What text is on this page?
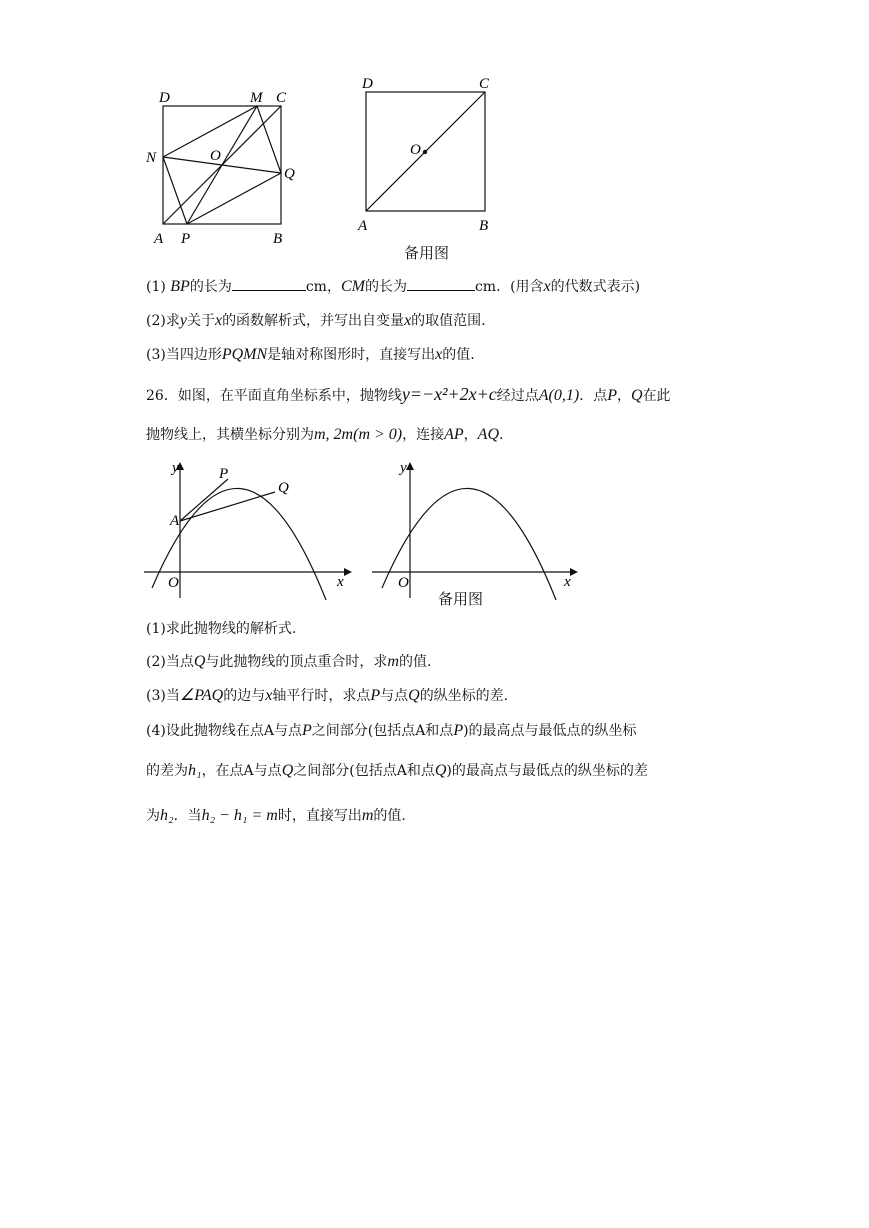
D	M C
N	O
Q
A P	B
D	C
O
A	B
备用图
(1) BP的长为	cm，CM的长为	cm．(用含x的代数式表示)
(2)求y关于x的函数解析式，并写出自变量x的取值范围.
(3)当四边形PQMN是轴对称图形时，直接写出x的值.
26．如图，在平面直角坐标系中，抛物线y=−x²+2x+c经过点A(0,1)．点P，Q在此
抛物线上，其横坐标分别为m, 2m(m > 0)，连接AP，AQ.
y	P
Q
A
O	x
y
O	x
备用图
(1)求此抛物线的解析式.
(2)当点Q与此抛物线的顶点重合时，求m的值.
(3)当∠PAQ的边与x轴平行时，求点P与点Q的纵坐标的差.
(4)设此抛物线在点A与点P之间部分(包括点A和点P)的最高点与最低点的纵坐标
的差为h₁，在点A与点Q之间部分(包括点A和点Q)的最高点与最低点的纵坐标的差
为h₂．当h₂ − h₁ = m时，直接写出m的值.
